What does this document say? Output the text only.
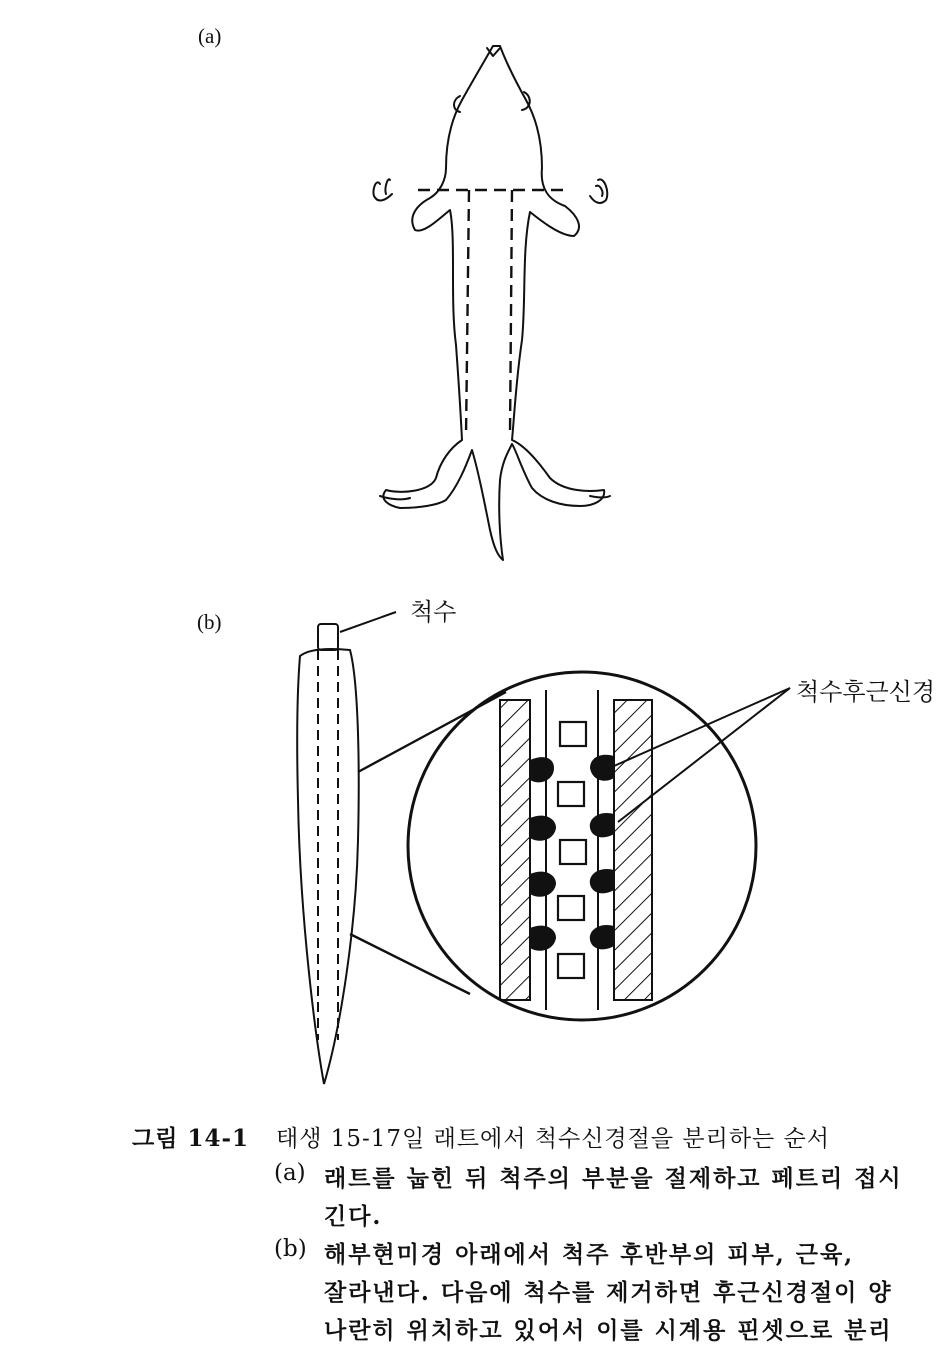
(a)
(b)	척수
척수후근신경
그림 14-1 태생 15-17일 래트에서 척수신경절을 분리하는 순서
(a) 래트를 눕힌 뒤 척주의 부분을 절제하고 페트리 접시
긴다.
(b) 해부현미경 아래에서 척주 후반부의 피부, 근육,
잘라낸다. 다음에 척수를 제거하면 후근신경절이 양
나란히 위치하고 있어서 이를 시계용 핀셋으로 분리
